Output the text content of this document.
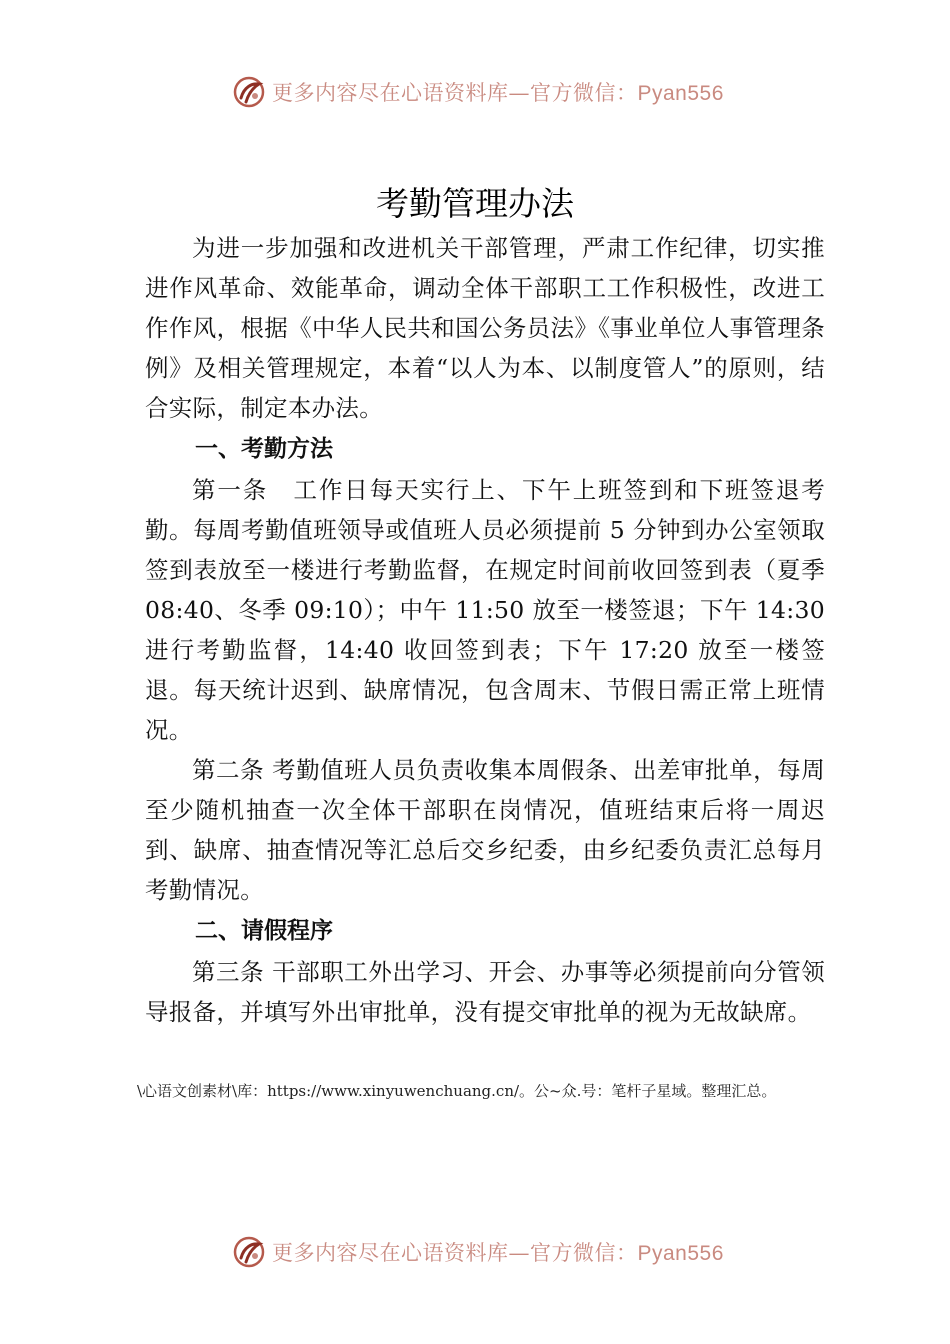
更多内容尽在心语资料库—官方微信：Pyan556
考勤管理办法

为进一步加强和改进机关干部管理，严肃工作纪律，切实推进作风革命、效能革命，调动全体干部职工工作积极性，改进工作作风，根据《中华人民共和国公务员法》《事业单位人事管理条例》及相关管理规定，本着“以人为本、以制度管人”的原则，结合实际，制定本办法。

一、考勤方法

第一条　工作日每天实行上、下午上班签到和下班签退考勤。每周考勤值班领导或值班人员必须提前 5 分钟到办公室领取签到表放至一楼进行考勤监督，在规定时间前收回签到表（夏季 08:40、冬季 09:10）；中午 11:50 放至一楼签退；下午 14:30 进行考勤监督，14:40 收回签到表；下午 17:20 放至一楼签退。每天统计迟到、缺席情况，包含周末、节假日需正常上班情况。

第二条 考勤值班人员负责收集本周假条、出差审批单，每周至少随机抽查一次全体干部职在岗情况，值班结束后将一周迟到、缺席、抽查情况等汇总后交乡纪委，由乡纪委负责汇总每月考勤情况。

二、请假程序

第三条 干部职工外出学习、开会、办事等必须提前向分管领导报备，并填写外出审批单，没有提交审批单的视为无故缺席。

\心语文创素材\库：https://www.xinyuwenchuang.cn/。公~众.号：笔杆子星域。整理汇总。
更多内容尽在心语资料库—官方微信：Pyan556
